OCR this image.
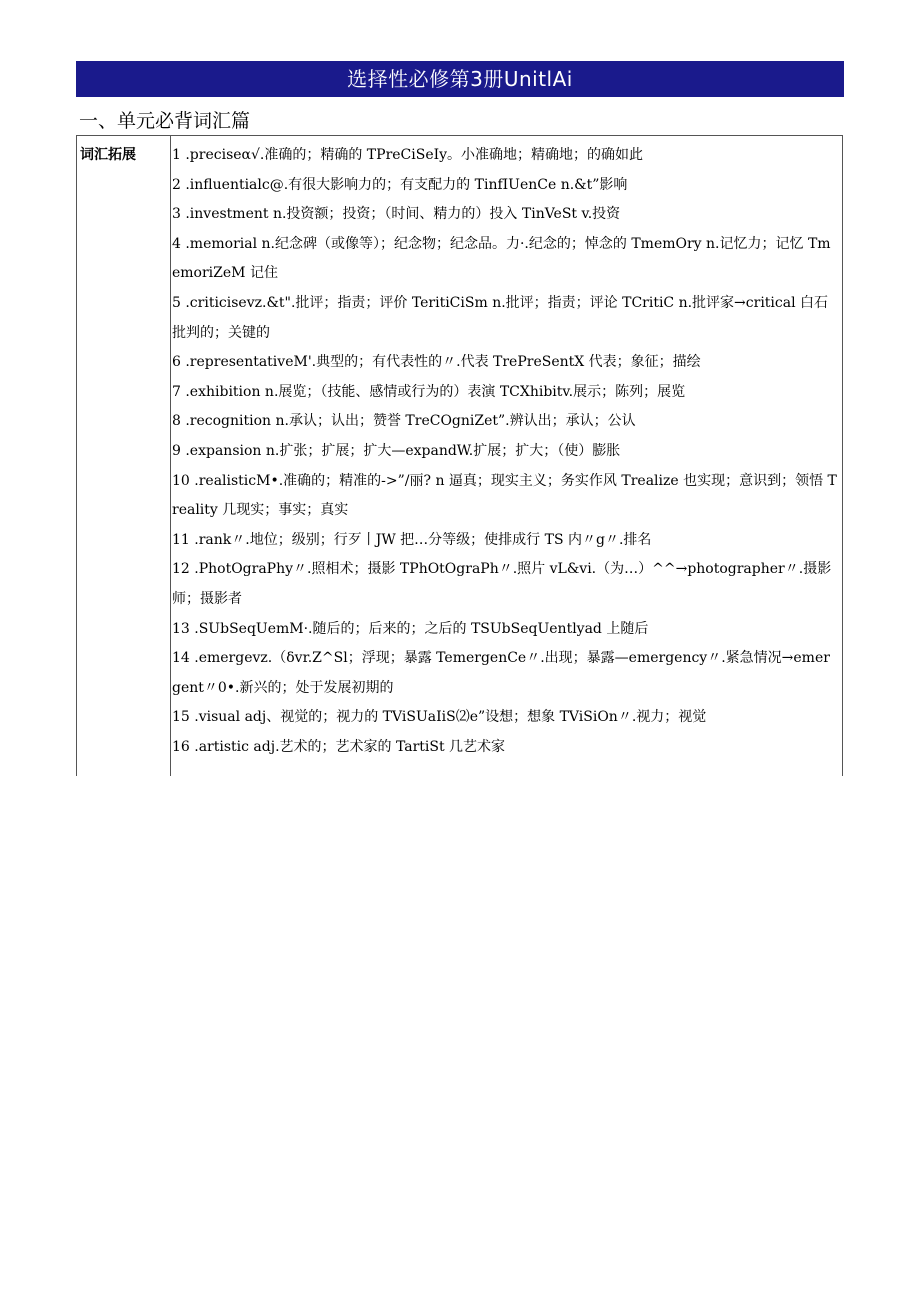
选择性必修第3册UnitlAi
一、单元必背词汇篇
词汇拓展	1 .preciseα√.准确的；精确的 TPreCiSeIy。小准确地；精确地；的确如此
2 .influentialc@.有很大影响力的；有支配力的 TinfIUenCe n.&t”影响
3 .investment n.投资额；投资；（时间、精力的）投入 TinVeSt v.投资
4 .memorial n.纪念碑（或像等）；纪念物；纪念品。力·.纪念的；悼念的 TmemOry n.记忆力；记忆 TmemoriZeM 记住
5 .criticisevz.&t".批评；指责；评价 TeritiCiSm n.批评；指责；评论 TCritiC n.批评家→critical 白石批判的；关键的
6 .representativeM'.典型的；有代表性的〃.代表 TrePreSentX 代表；象征；描绘
7 .exhibition n.展览；（技能、感情或行为的）表演 TCXhibitv.展示；陈列；展览
8 .recognition n.承认；认出；赞誉 TreCOgniZet”.辨认出；承认；公认
9 .expansion n.扩张；扩展；扩大—expandW.扩展；扩大；（使）膨胀
10 .realisticM•.准确的；精准的->”/丽? n 逼真；现实主义；务实作风 Trealize 也实现；意识到；领悟 Treality 几现实；事实；真实
11 .rank〃.地位；级别；行歹丨JW 把…分等级；使排成行 TS 内〃g〃.排名
12 .PhotOgraPhy〃.照相术；摄影 TPhOtOgraPh〃.照片 vL&vi.（为…）^^→photographer〃.摄影师；摄影者
13 .SUbSeqUemM·.随后的；后来的；之后的 TSUbSeqUentlyad 上随后
14 .emergevz.（δvr.Z^Sl；浮现；暴露 TemergenCe〃.出现；暴露—emergency〃.紧急情况→emergent〃0•.新兴的；处于发展初期的
15 .visual adj、视觉的；视力的 TViSUaIiS⑵e”设想；想象 TViSiOn〃.视力；视觉
16 .artistic adj.艺术的；艺术家的 TartiSt 几艺术家
